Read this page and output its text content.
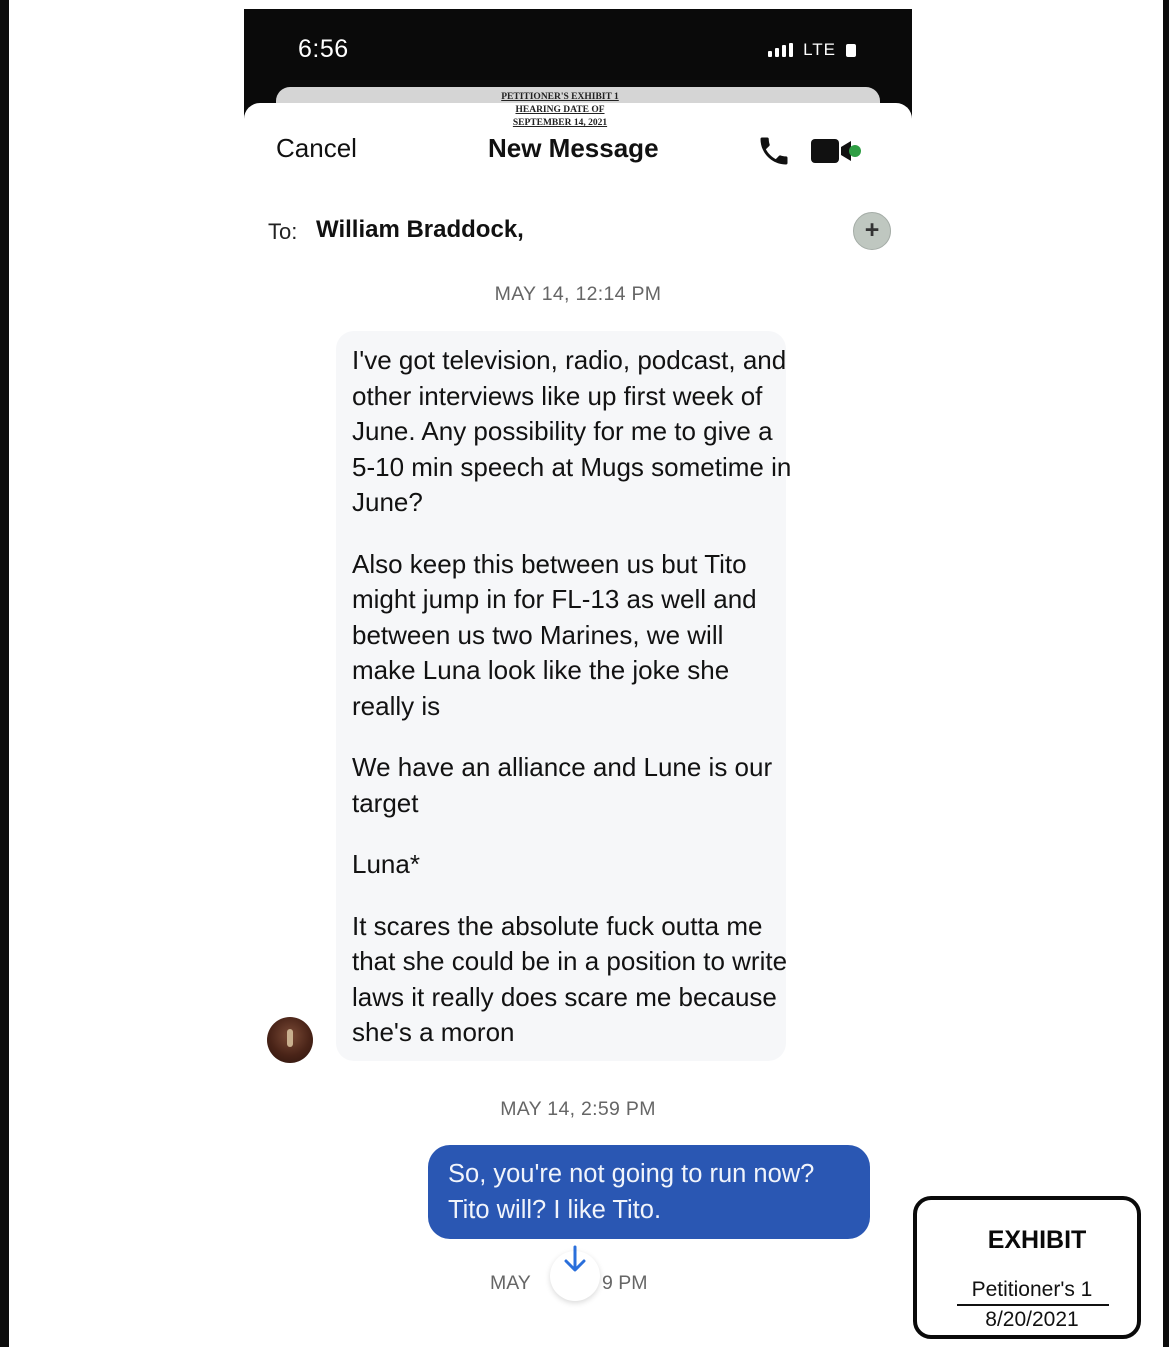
6:56	LTE
PETITIONER'S EXHIBIT 1
HEARING DATE OF
SEPTEMBER 14, 2021
Cancel	New Message
To: William Braddock,	+
MAY 14, 12:14 PM

I've got television, radio, podcast, and other interviews like up first week of June. Any possibility for me to give a 5-10 min speech at Mugs sometime in June?

Also keep this between us but Tito might jump in for FL-13 as well and between us two Marines, we will make Luna look like the joke she really is

We have an alliance and Lune is our target

Luna*

It scares the absolute fuck outta me that she could be in a position to write laws it really does scare me because she's a moron

MAY 14, 2:59 PM
So, you're not going to run now?
Tito will? I like Tito.
MAY	9 PM
EXHIBIT
Petitioner's 1
8/20/2021
